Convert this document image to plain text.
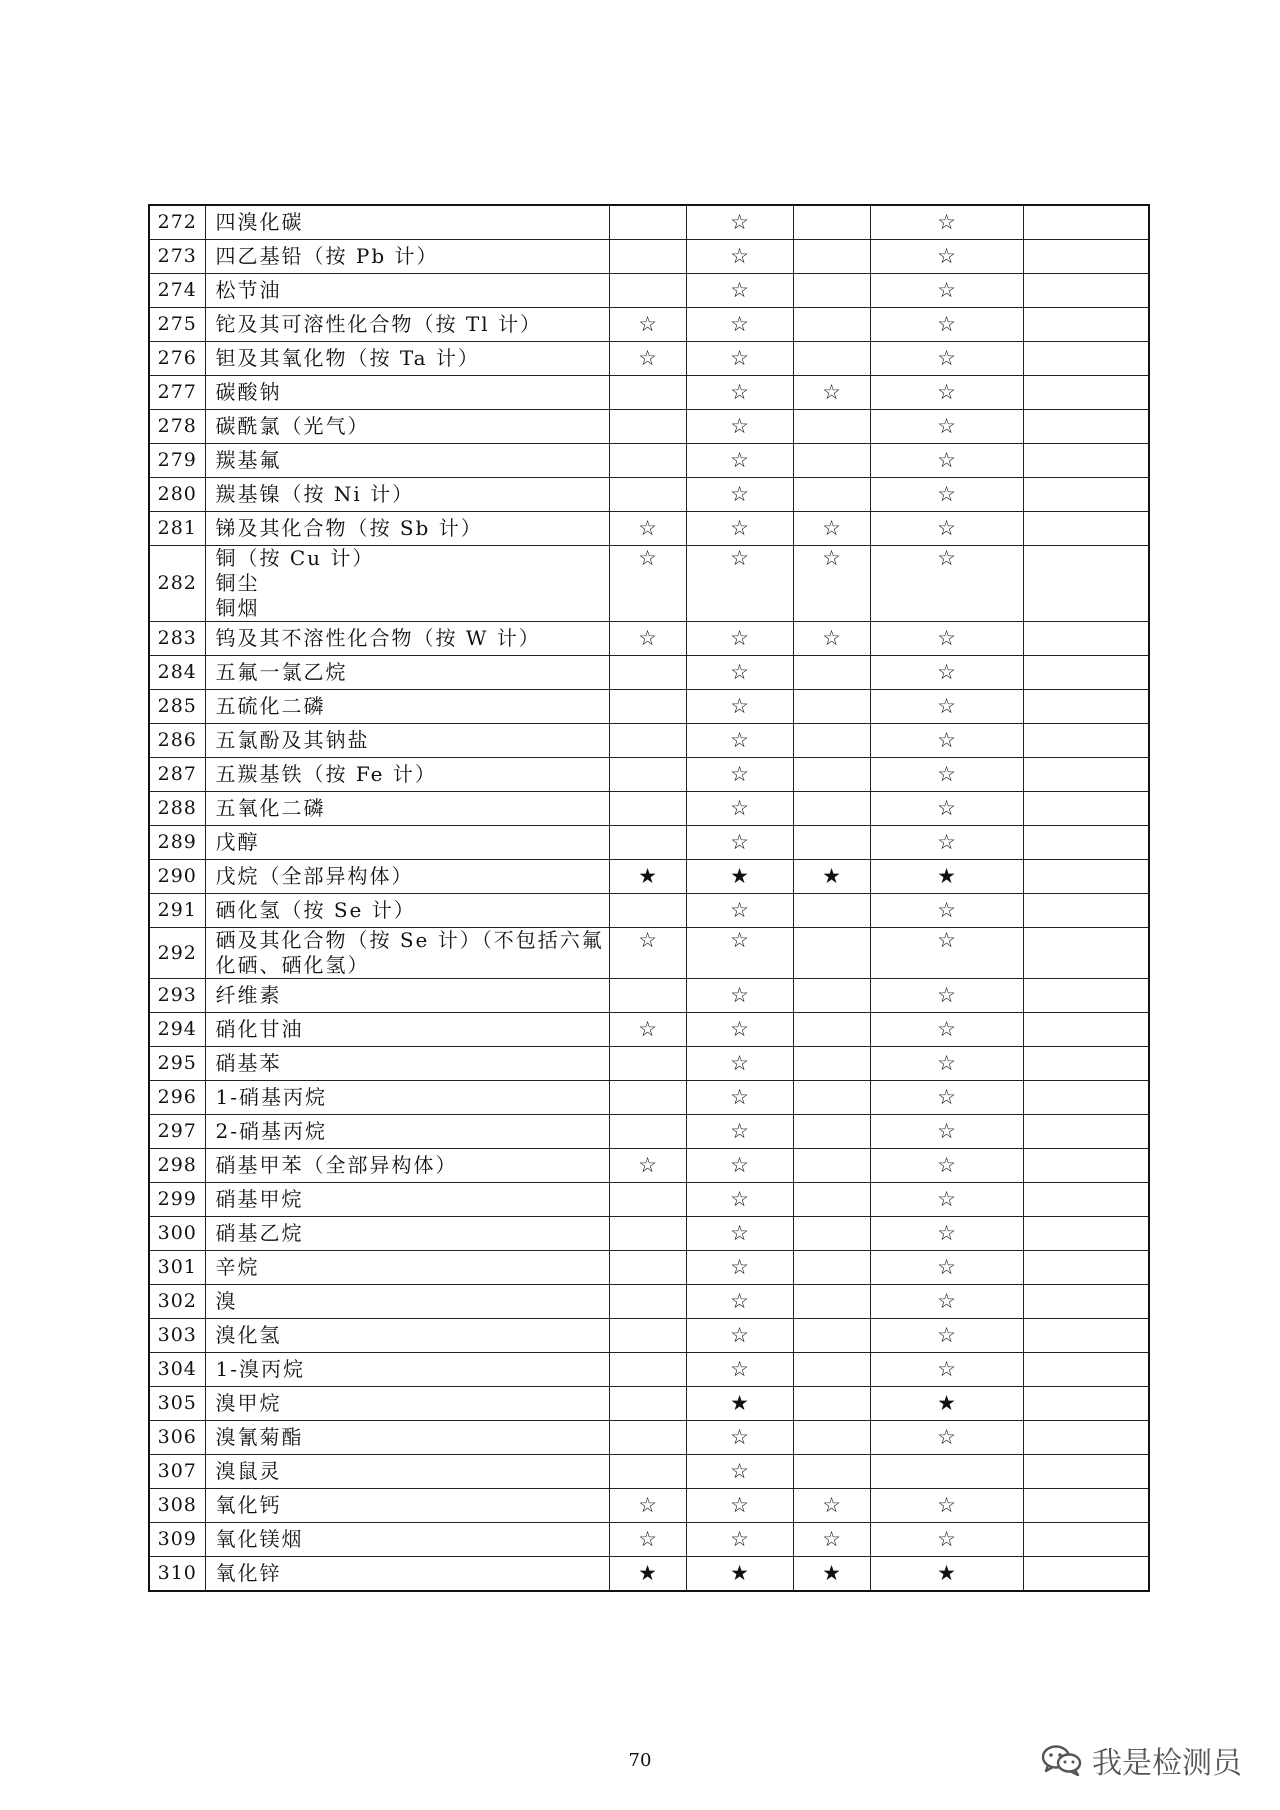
272	四溴化碳		☆		☆	
273	四乙基铅（按 Pb 计）		☆		☆	
274	松节油		☆		☆	
275	铊及其可溶性化合物（按 Tl 计）	☆	☆		☆	
276	钽及其氧化物（按 Ta 计）	☆	☆		☆	
277	碳酸钠		☆	☆	☆	
278	碳酰氯（光气）		☆		☆	
279	羰基氟		☆		☆	
280	羰基镍（按 Ni 计）		☆		☆	
281	锑及其化合物（按 Sb 计）	☆	☆	☆	☆	
282	铜（按 Cu 计）
铜尘
铜烟	☆	☆	☆	☆	
283	钨及其不溶性化合物（按 W 计）	☆	☆	☆	☆	
284	五氟一氯乙烷		☆		☆	
285	五硫化二磷		☆		☆	
286	五氯酚及其钠盐		☆		☆	
287	五羰基铁（按 Fe 计）		☆		☆	
288	五氧化二磷		☆		☆	
289	戊醇		☆		☆	
290	戊烷（全部异构体）	★	★	★	★	
291	硒化氢（按 Se 计）		☆		☆	
292	硒及其化合物（按 Se 计）（不包括六氟
化硒、硒化氢）	☆	☆		☆	
293	纤维素		☆		☆	
294	硝化甘油	☆	☆		☆	
295	硝基苯		☆		☆	
296	1-硝基丙烷		☆		☆	
297	2-硝基丙烷		☆		☆	
298	硝基甲苯（全部异构体）	☆	☆		☆	
299	硝基甲烷		☆		☆	
300	硝基乙烷		☆		☆	
301	辛烷		☆		☆	
302	溴		☆		☆	
303	溴化氢		☆		☆	
304	1-溴丙烷		☆		☆	
305	溴甲烷		★		★	
306	溴氰菊酯		☆		☆	
307	溴鼠灵		☆			
308	氧化钙	☆	☆	☆	☆	
309	氧化镁烟	☆	☆	☆	☆	
310	氧化锌	★	★	★	★	
70	我是检测员
